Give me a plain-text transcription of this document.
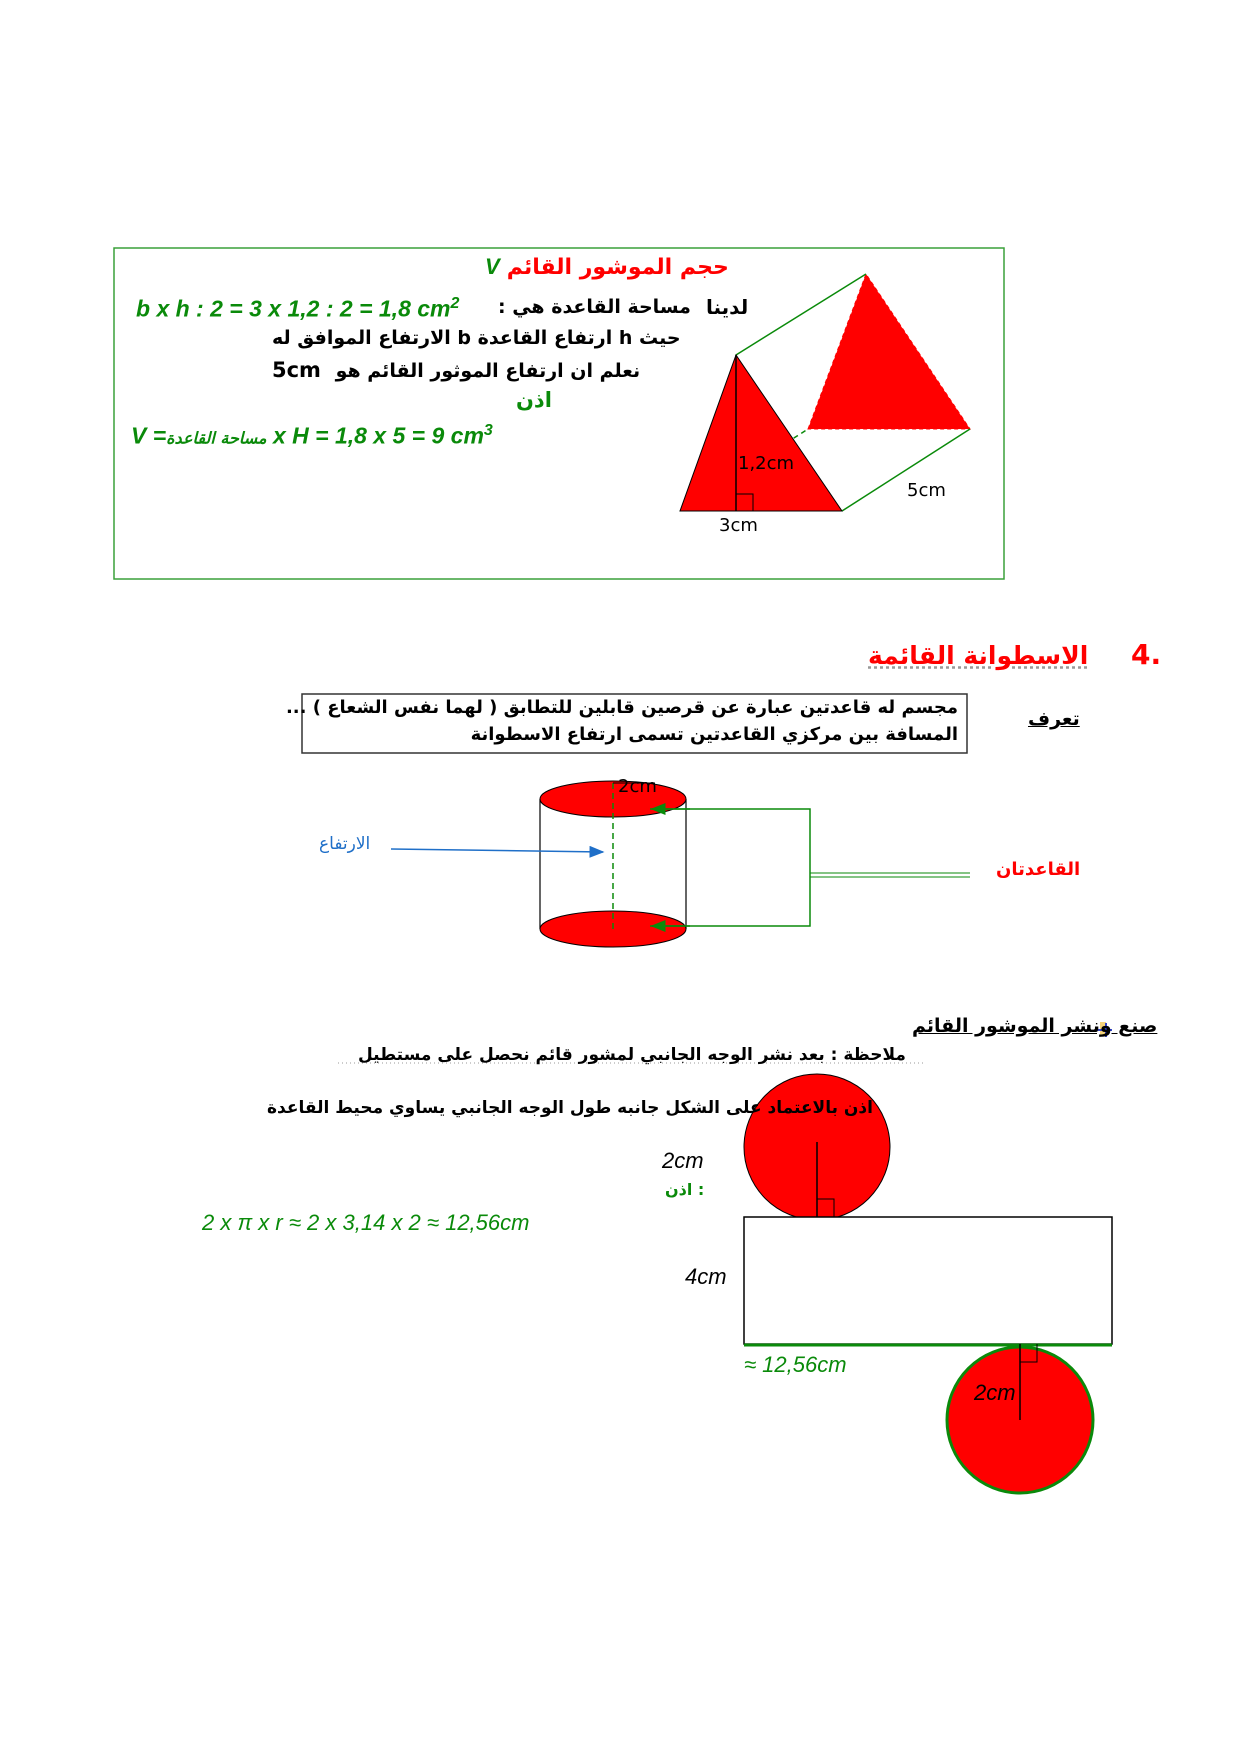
V حجم الموشور القائم
لدينا
b x h : 2 = 3 x 1,2 : 2 = 1,8 $cm^2$ مساحة القاعدة هي :
حيث h ارتفاع القاعدة b الارتفاع الموافق له
5cm نعلم ان ارتفاع الموثور القائم هو
اذن
V =مساحة القاعدة x H = 1,8 x 5 = 9 $cm^3$
1,2cm
3cm
5cm
4.
الاسطوانة القائمة
تعرف
مجسم له قاعدتين عبارة عن قرصين قابلين للتطابق ( لهما نفس الشعاع ) ...
المسافة بين مركزي القاعدتين تسمى ارتفاع الاسطوانة
2cm
الارتفاع
القاعدتان
صنع ونشر الموشور القائم
ملاحظة : بعد نشر الوجه الجانبي لمشور قائم نحصل على مستطيل
اذن بالاعتماد على الشكل جانبه طول الوجه الجانبي يساوي محيط القاعدة
2cm
: اذن
2 x π x r ≈ 2 x 3,14 x 2 ≈ 12,56cm
4cm
≈ 12,56cm
2cm
